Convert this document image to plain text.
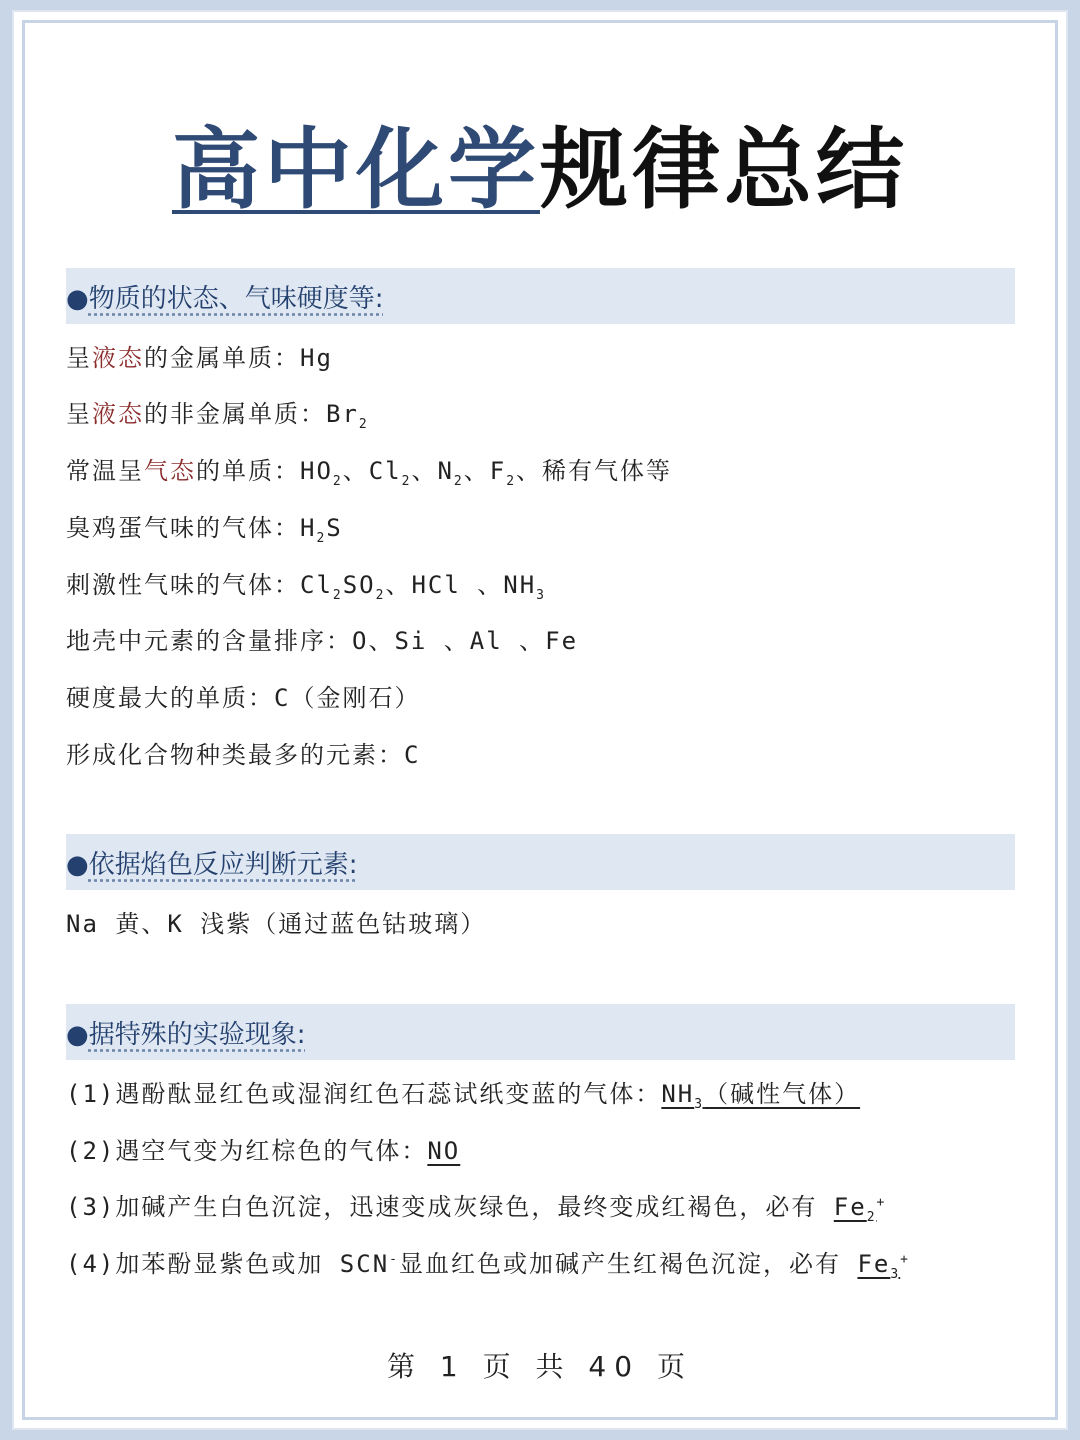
高中化学规律总结
●物质的状态、气味硬度等:
呈液态的金属单质：Hg
呈液态的非金属单质：$Br_2$
常温呈气态的单质：$HO_2$、$Cl_2$、$N_2$、$F_2$、稀有气体等
臭鸡蛋气味的气体：$H_2S$
刺激性气味的气体：$Cl_2SO_2$、HCl 、$NH_3$
地壳中元素的含量排序：O、Si 、Al 、Fe
硬度最大的单质：C（金刚石）
形成化合物种类最多的元素：C
●依据焰色反应判断元素:
Na 黄、K 浅紫（通过蓝色钴玻璃）
●据特殊的实验现象:
(1)遇酚酞显红色或湿润红色石蕊试纸变蓝的气体：$NH_3$（碱性气体）
(2)遇空气变为红棕色的气体：NO
(3)加碱产生白色沉淀，迅速变成灰绿色，最终变成红褐色，必有 $Fe_2^+$
(4)加苯酚显紫色或加 SCN-显血红色或加碱产生红褐色沉淀，必有 $Fe_3^+$
第 1 页 共 40 页
